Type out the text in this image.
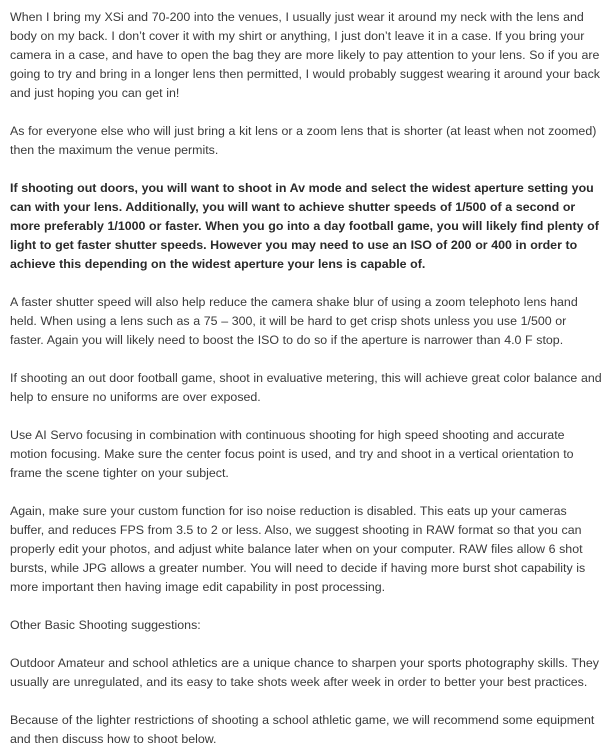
When I bring my XSi and 70-200 into the venues, I usually just wear it around my neck with the lens and body on my back. I don’t cover it with my shirt or anything, I just don’t leave it in a case. If you bring your camera in a case, and have to open the bag they are more likely to pay attention to your lens. So if you are going to try and bring in a longer lens then permitted, I would probably suggest wearing it around your back and just hoping you can get in!

As for everyone else who will just bring a kit lens or a zoom lens that is shorter (at least when not zoomed) then the maximum the venue permits.

If shooting out doors, you will want to shoot in Av mode and select the widest aperture setting you can with your lens. Additionally, you will want to achieve shutter speeds of 1/500 of a second or more preferably 1/1000 or faster. When you go into a day football game, you will likely find plenty of light to get faster shutter speeds. However you may need to use an ISO of 200 or 400 in order to achieve this depending on the widest aperture your lens is capable of.

A faster shutter speed will also help reduce the camera shake blur of using a zoom telephoto lens hand held. When using a lens such as a 75 – 300, it will be hard to get crisp shots unless you use 1/500 or faster. Again you will likely need to boost the ISO to do so if the aperture is narrower than 4.0 F stop.

If shooting an out door football game, shoot in evaluative metering, this will achieve great color balance and help to ensure no uniforms are over exposed.

Use AI Servo focusing in combination with continuous shooting for high speed shooting and accurate motion focusing. Make sure the center focus point is used, and try and shoot in a vertical orientation to frame the scene tighter on your subject.

Again, make sure your custom function for iso noise reduction is disabled. This eats up your cameras buffer, and reduces FPS from 3.5 to 2 or less. Also, we suggest shooting in RAW format so that you can properly edit your photos, and adjust white balance later when on your computer. RAW files allow 6 shot bursts, while JPG allows a greater number. You will need to decide if having more burst shot capability is more important then having image edit capability in post processing.

Other Basic Shooting suggestions:

Outdoor Amateur and school athletics are a unique chance to sharpen your sports photography skills. They usually are unregulated, and its easy to take shots week after week in order to better your best practices.

Because of the lighter restrictions of shooting a school athletic game, we will recommend some equipment and then discuss how to shoot below.
